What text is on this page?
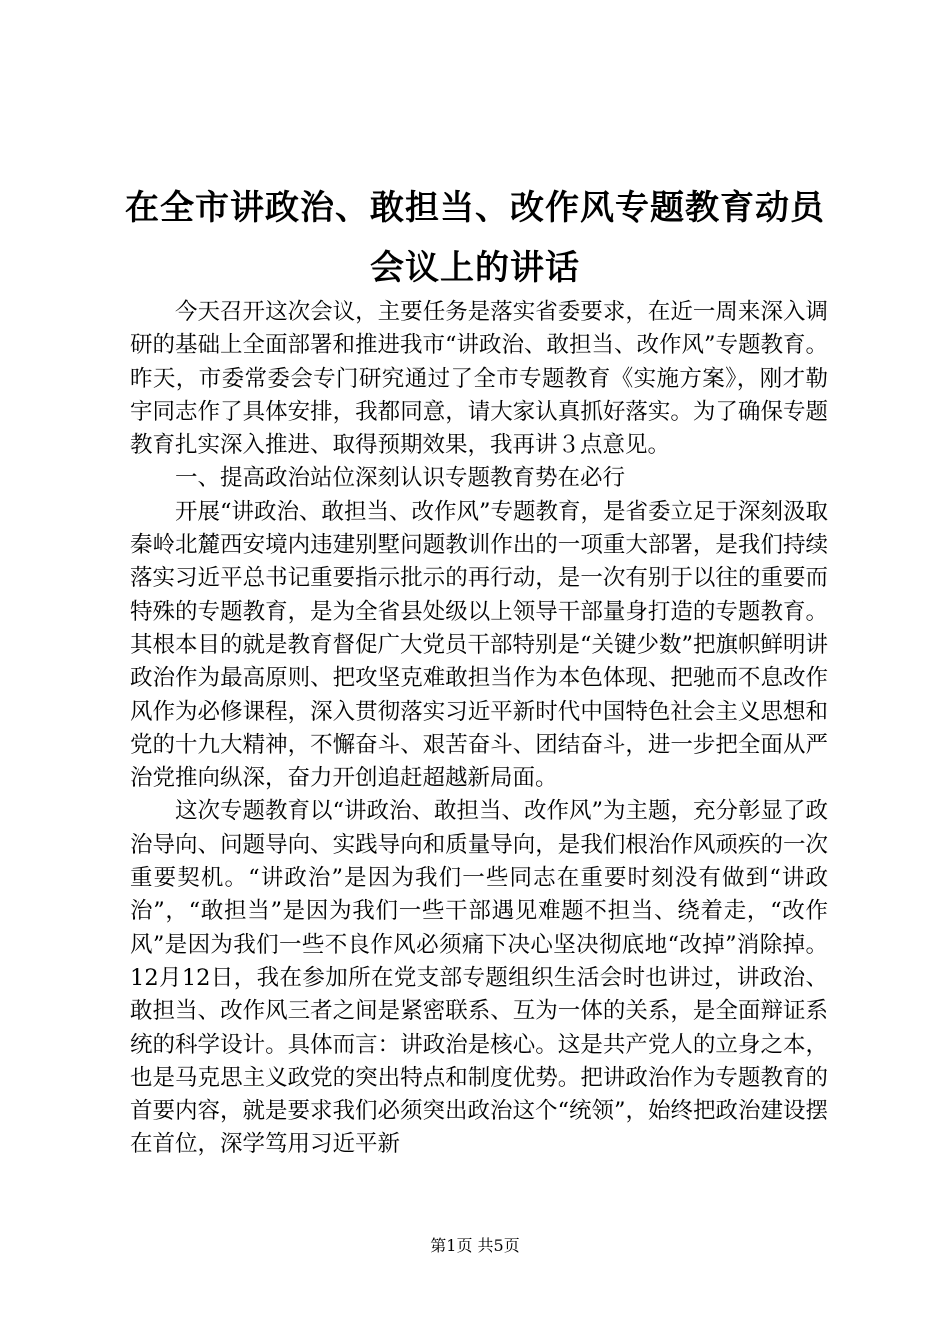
在全市讲政治、敢担当、改作风专题教育动员
会议上的讲话

今天召开这次会议，主要任务是落实省委要求，在近一周来深入调研的基础上全面部署和推进我市“讲政治、敢担当、改作风”专题教育。昨天，市委常委会专门研究通过了全市专题教育《实施方案》，刚才勒宇同志作了具体安排，我都同意，请大家认真抓好落实。为了确保专题教育扎实深入推进、取得预期效果，我再讲３点意见。

一、提高政治站位深刻认识专题教育势在必行

开展“讲政治、敢担当、改作风”专题教育，是省委立足于深刻汲取秦岭北麓西安境内违建别墅问题教训作出的一项重大部署，是我们持续落实习近平总书记重要指示批示的再行动，是一次有别于以往的重要而特殊的专题教育，是为全省县处级以上领导干部量身打造的专题教育。其根本目的就是教育督促广大党员干部特别是“关键少数”把旗帜鲜明讲政治作为最高原则、把攻坚克难敢担当作为本色体现、把驰而不息改作风作为必修课程，深入贯彻落实习近平新时代中国特色社会主义思想和党的十九大精神，不懈奋斗、艰苦奋斗、团结奋斗，进一步把全面从严治党推向纵深，奋力开创追赶超越新局面。

这次专题教育以“讲政治、敢担当、改作风”为主题，充分彰显了政治导向、问题导向、实践导向和质量导向，是我们根治作风顽疾的一次重要契机。“讲政治”是因为我们一些同志在重要时刻没有做到“讲政治”，“敢担当”是因为我们一些干部遇见难题不担当、绕着走，“改作风”是因为我们一些不良作风必须痛下决心坚决彻底地“改掉”消除掉。12月12日，我在参加所在党支部专题组织生活会时也讲过，讲政治、敢担当、改作风三者之间是紧密联系、互为一体的关系，是全面辩证系统的科学设计。具体而言：讲政治是核心。这是共产党人的立身之本，也是马克思主义政党的突出特点和制度优势。把讲政治作为专题教育的首要内容，就是要求我们必须突出政治这个“统领”，始终把政治建设摆在首位，深学笃用习近平新

第1页 共5页
